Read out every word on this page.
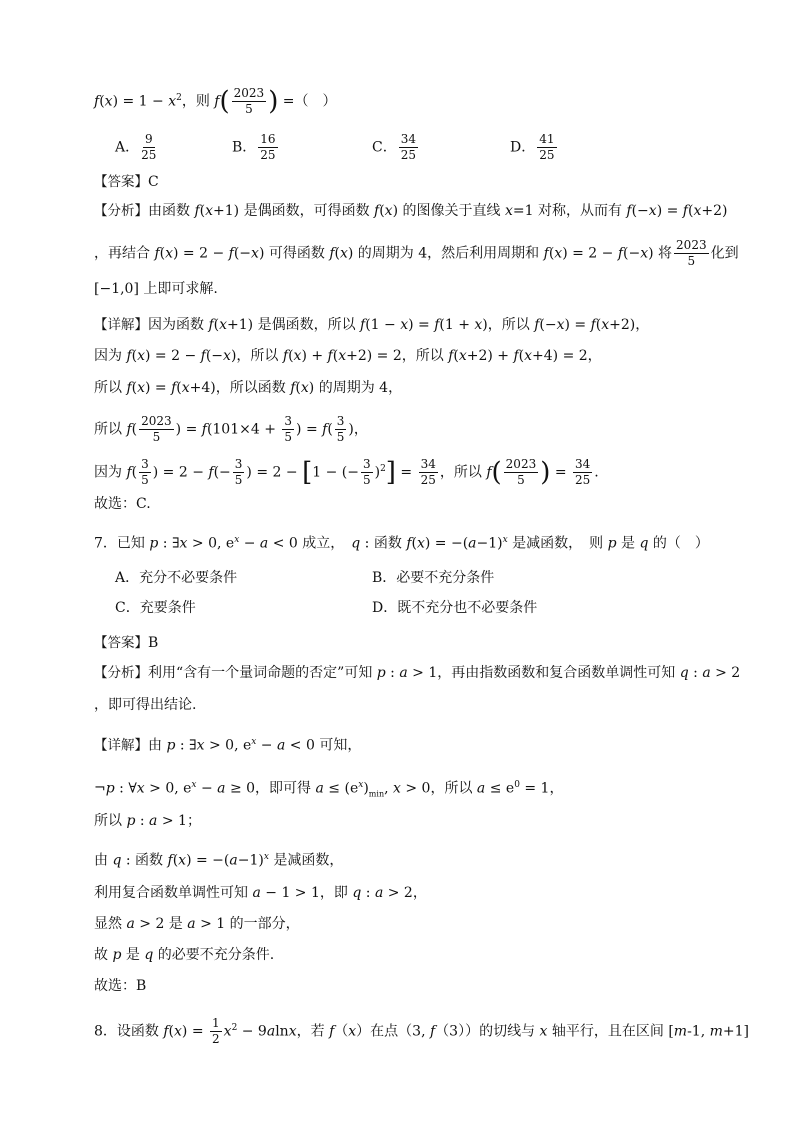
$f(x) = 1 - x^2$，则 $f( \frac{2023}{5}$ ) =（　）
A． $\frac{9}{25}$	B． $\frac{16}{25}$	C． $\frac{34}{25}$	D． $\frac{41}{25}$
【答案】C
【分析】由函数 f(x+1) 是偶函数，可得函数 f(x) 的图像关于直线 x=1 对称，从而有 f(−x) = f(x+2)
，再结合 f(x) = 2 − f(−x) 可得函数 f(x) 的周期为 4，然后利用周期和 f(x) = 2 − f(−x) 将 $\frac{2023}{5}$ 化到
[−1,0] 上即可求解.
【详解】因为函数 f(x+1) 是偶函数，所以 f(1 − x) = f(1 + x)，所以 f(−x) = f(x+2)，
因为 f(x) = 2 − f(−x)，所以 f(x) + f(x+2) = 2，所以 f(x+2) + f(x+4) = 2，
所以 f(x) = f(x+4)，所以函数 f(x) 的周期为 4，
所以 $f( \frac{2023}{5}$ ) = $f(101\times 4 + \frac{3}{5}$ ) = $f( \frac{3}{5}$ )，
因为 $f( \frac{3}{5}$ ) = $2 - f(- \frac{3}{5}$ ) = 2 − [1 − (− $\frac{3}{5} )^2] = \frac{34}{25}$ ，所以 $f( \frac{2023}{5}$ ) = $\frac{34}{25}$ .
故选：C.
7．已知 p : ∃x > 0, $e^x - a < 0$ 成立，　q : 函数 $f(x) = -(a-1)^x$ 是减函数，　则 p 是 q 的（　）
A．充分不必要条件	B．必要不充分条件
C．充要条件	D．既不充分也不必要条件
【答案】B
【分析】利用“含有一个量词命题的否定”可知 p : a > 1，再由指数函数和复合函数单调性可知 q : a > 2
，即可得出结论.
【详解】由 p : ∃x > 0, $e^x - a < 0$ 可知，
¬p : ∀x > 0, $e^x - a \ge 0$，即可得 $a \le (e^x)_{min}$, x > 0，所以 $a \le e^0 = 1$，
所以 p : a > 1；
由 q : 函数 $f(x) = -(a-1)^x$ 是减函数，
利用复合函数单调性可知 a − 1 > 1，即 q : a > 2，
显然 a > 2 是 a > 1 的一部分，
故 p 是 q 的必要不充分条件.
故选：B
8．设函数 $f(x) = \frac{1}{2} x^2 - 9alnx$，若 f（x）在点（3, f（3））的切线与 x 轴平行，且在区间 [m-1, m+1]
